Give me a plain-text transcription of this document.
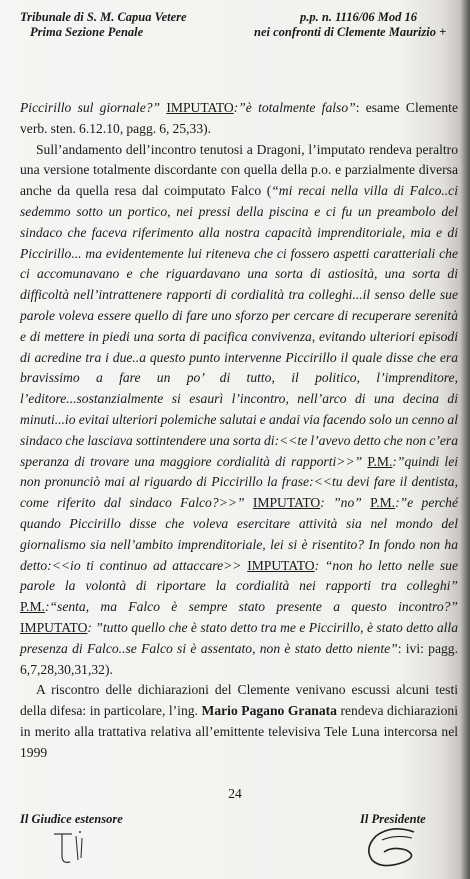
Tribunale di S. M. Capua Vetere
Prima Sezione Penale
p.p. n. 1116/06 Mod 16
nei confronti di Clemente Maurizio +

Piccirillo sul giornale?” IMPUTATO:”è totalmente falso”: esame Clemente verb. sten. 6.12.10, pagg. 6, 25,33).

Sull’andamento dell’incontro tenutosi a Dragoni, l’imputato rendeva peraltro una versione totalmente discordante con quella della p.o. e parzialmente diversa anche da quella resa dal coimputato Falco (“mi recai nella villa di Falco..ci sedemmo sotto un portico, nei pressi della piscina e ci fu un preambolo del sindaco che faceva riferimento alla nostra capacità imprenditoriale, mia e di Piccirillo... ma evidentemente lui riteneva che ci fossero aspetti caratteriali che ci accomunavano e che riguardavano una sorta di astiosità, una sorta di difficoltà nell’intrattenere rapporti di cordialità tra colleghi...il senso delle sue parole voleva essere quello di fare uno sforzo per cercare di recuperare serenità e di mettere in piedi una sorta di pacifica convivenza, evitando ulteriori episodi di acredine tra i due..a questo punto intervenne Piccirillo il quale disse che era bravissimo a fare un po’ di tutto, il politico, l’imprenditore, l’editore...sostanzialmente si esaurì l’incontro, nell’arco di una decina di minuti...io evitai ulteriori polemiche salutai e andai via facendo solo un cenno al sindaco che lasciava sottintendere una sorta di:<<te l’avevo detto che non c’era speranza di trovare una maggiore cordialità di rapporti>>” P.M.:”quindi lei non pronunciò mai al riguardo di Piccirillo la frase:<<tu devi fare il dentista, come riferito dal sindaco Falco?>>” IMPUTATO: ”no” P.M.:”e perché quando Piccirillo disse che voleva esercitare attività sia nel mondo del giornalismo sia nell’ambito imprenditoriale, lei si è risentito? In fondo non ha detto:<<io ti continuo ad attaccare>> IMPUTATO: “non ho letto nelle sue parole la volontà di riportare la cordialità nei rapporti tra colleghi” P.M.:“senta, ma Falco è sempre stato presente a questo incontro?” IMPUTATO: ”tutto quello che è stato detto tra me e Piccirillo, è stato detto alla presenza di Falco..se Falco si è assentato, non è stato detto niente”: ivi: pagg. 6,7,28,30,31,32).

A riscontro delle dichiarazioni del Clemente venivano escussi alcuni testi della difesa: in particolare, l’ing. Mario Pagano Granata rendeva dichiarazioni in merito alla trattativa relativa all’emittente televisiva Tele Luna intercorsa nel 1999

24
Il Giudice estensore	Il Presidente
